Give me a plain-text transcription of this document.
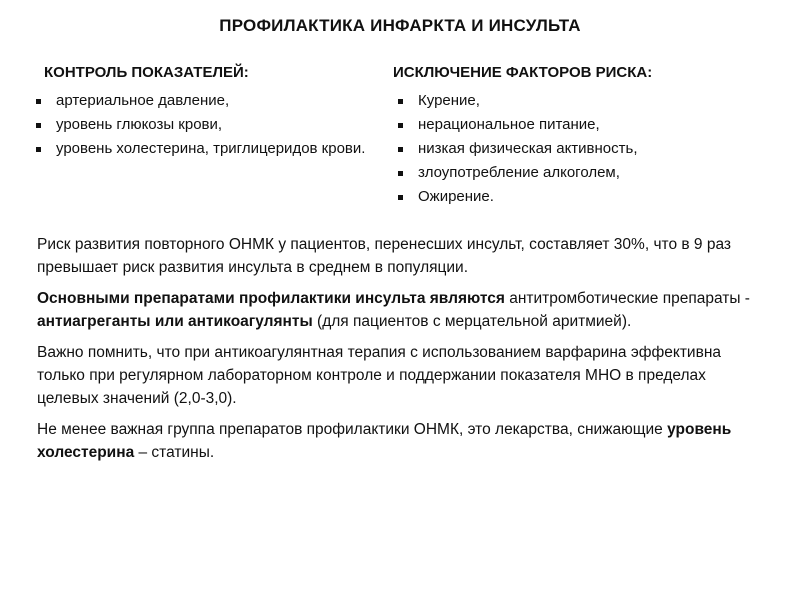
ПРОФИЛАКТИКА ИНФАРКТА И ИНСУЛЬТА
КОНТРОЛЬ ПОКАЗАТЕЛЕЙ:
артериальное давление,
уровень глюкозы крови,
уровень холестерина, триглицеридов крови.
ИСКЛЮЧЕНИЕ ФАКТОРОВ РИСКА:
Курение,
нерациональное питание,
низкая физическая активность,
злоупотребление алкоголем,
Ожирение.

Риск развития повторного ОНМК у пациентов, перенесших инсульт, составляет 30%, что в 9 раз превышает риск развития инсульта в среднем в популяции.

Основными препаратами профилактики инсульта являются антитромботические препараты - антиагреганты или антикоагулянты (для пациентов с мерцательной аритмией).

Важно помнить, что при антикоагулянтная терапия с использованием варфарина эффективна только при регулярном лабораторном контроле и поддержании показателя МНО в пределах целевых значений (2,0-3,0).

Не менее важная группа препаратов профилактики ОНМК, это лекарства, снижающие уровень холестерина – статины.
